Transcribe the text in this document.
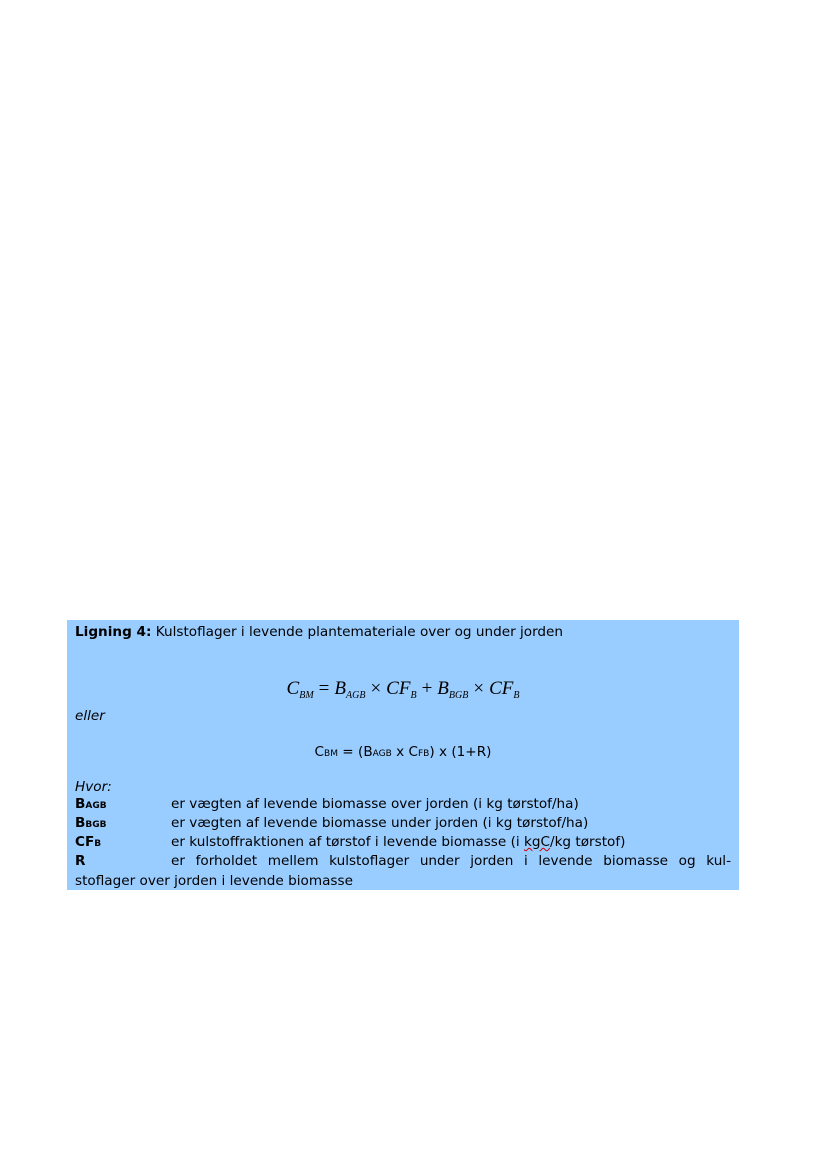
Ligning 4: Kulstoflager i levende plantemateriale over og under jorden

$C_{BM} = B_{AGB} \times CF_B + B_{BGB} \times CF_B$
eller
CBM = (BAGB x CFB) x (1+R)
Hvor:
BAGB	er vægten af levende biomasse over jorden (i kg tørstof/ha)
BBGB	er vægten af levende biomasse under jorden (i kg tørstof/ha)
CFB	er kulstoffraktionen af tørstof i levende biomasse (i kgC/kg tørstof)
R	er forholdet mellem kulstoflager under jorden i levende biomasse og kul-
stoflager over jorden i levende biomasse
